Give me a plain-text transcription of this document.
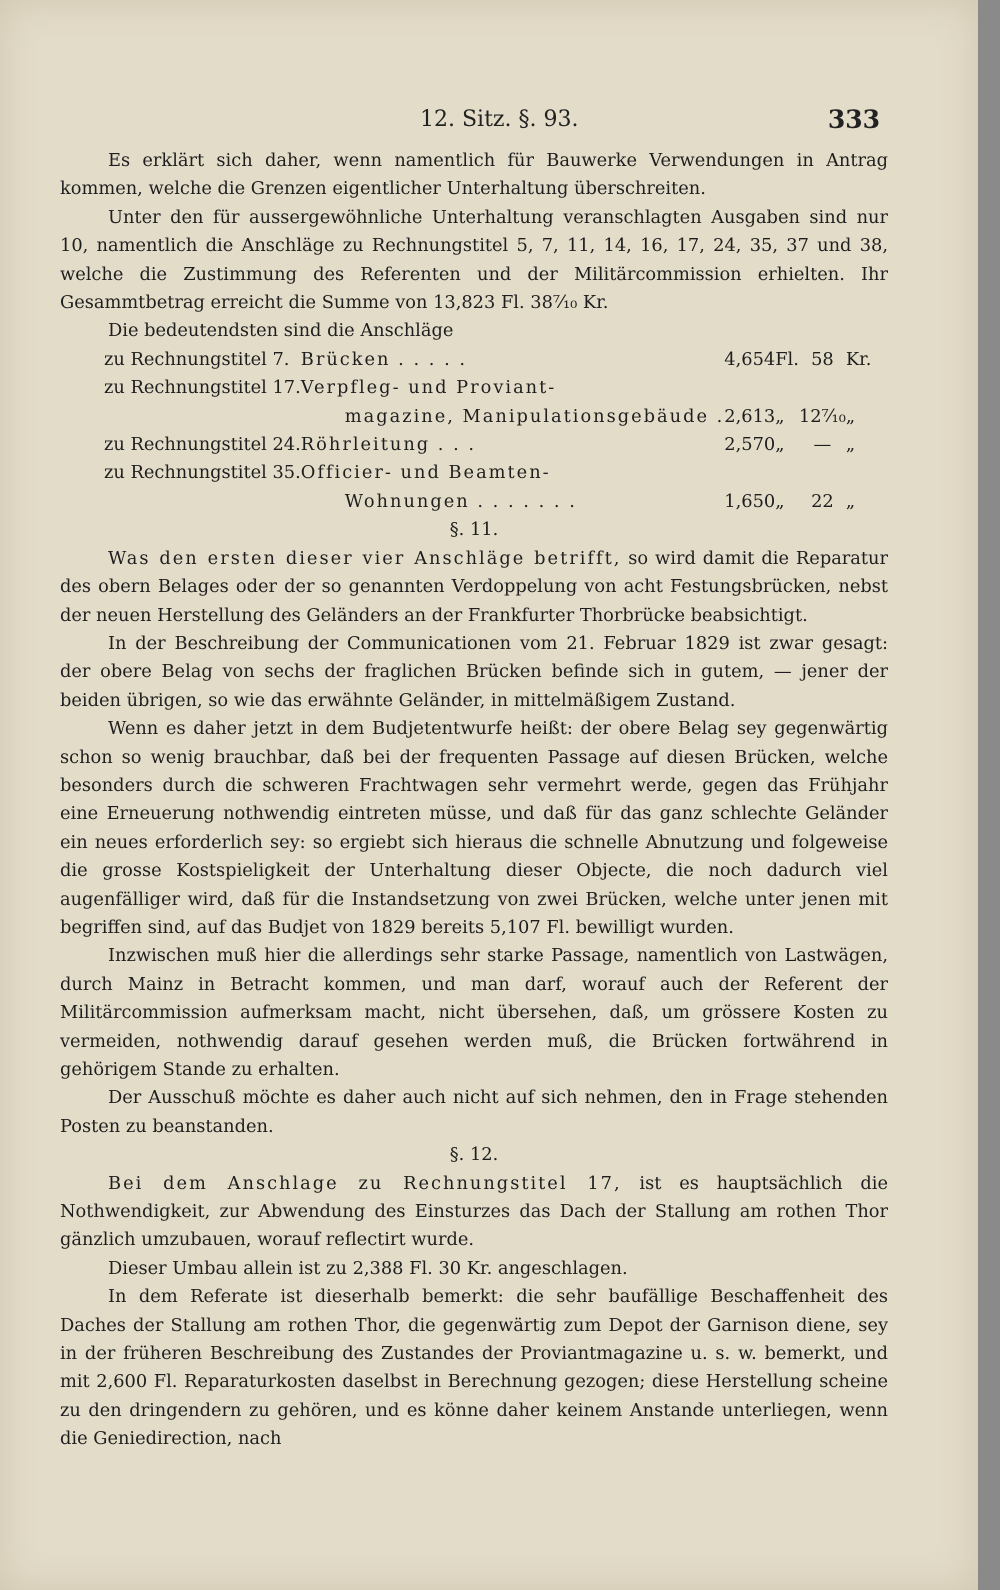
12. Sitz. §. 93.	333

Es erklärt sich daher, wenn namentlich für Bauwerke Verwendungen in Antrag kommen, welche die Grenzen eigentlicher Unterhaltung überschreiten.

Unter den für aussergewöhnliche Unterhaltung veranschlagten Ausgaben sind nur 10, namentlich die Anschläge zu Rechnungstitel 5, 7, 11, 14, 16, 17, 24, 35, 37 und 38, welche die Zustimmung des Referenten und der Militärcommission erhielten. Ihr Gesammtbetrag erreicht die Summe von 13,823 Fl. 38⁷⁄₁₀ Kr.

Die bedeutendsten sind die Anschläge

zu Rechnungstitel 7.	Brücken . . . . .	4,654	Fl.	58	Kr.
zu Rechnungstitel 17.	Verpfleg- und Proviant-				
	magazine, Manipulationsgebäude .	2,613	„	12⁷⁄₁₀	„
zu Rechnungstitel 24.	Röhrleitung . . .	2,570	„	—	„
zu Rechnungstitel 35.	Officier- und Beamten-				
	Wohnungen . . . . . . .	1,650	„	22	„

§. 11.

Was den ersten dieser vier Anschläge betrifft, so wird damit die Reparatur des obern Belages oder der so genannten Verdoppelung von acht Festungsbrücken, nebst der neuen Herstellung des Geländers an der Frankfurter Thorbrücke beabsichtigt.

In der Beschreibung der Communicationen vom 21. Februar 1829 ist zwar gesagt: der obere Belag von sechs der fraglichen Brücken befinde sich in gutem, — jener der beiden übrigen, so wie das erwähnte Geländer, in mittelmäßigem Zustand.

Wenn es daher jetzt in dem Budjetentwurfe heißt: der obere Belag sey gegenwärtig schon so wenig brauchbar, daß bei der frequenten Passage auf diesen Brücken, welche besonders durch die schweren Frachtwagen sehr vermehrt werde, gegen das Frühjahr eine Erneuerung nothwendig eintreten müsse, und daß für das ganz schlechte Geländer ein neues erforderlich sey: so ergiebt sich hieraus die schnelle Abnutzung und folgeweise die grosse Kostspieligkeit der Unterhaltung dieser Objecte, die noch dadurch viel augenfälliger wird, daß für die Instandsetzung von zwei Brücken, welche unter jenen mit begriffen sind, auf das Budjet von 1829 bereits 5,107 Fl. bewilligt wurden.

Inzwischen muß hier die allerdings sehr starke Passage, namentlich von Lastwägen, durch Mainz in Betracht kommen, und man darf, worauf auch der Referent der Militärcommission aufmerksam macht, nicht übersehen, daß, um grössere Kosten zu vermeiden, nothwendig darauf gesehen werden muß, die Brücken fortwährend in gehörigem Stande zu erhalten.

Der Ausschuß möchte es daher auch nicht auf sich nehmen, den in Frage stehenden Posten zu beanstanden.

§. 12.

Bei dem Anschlage zu Rechnungstitel 17, ist es hauptsächlich die Nothwendigkeit, zur Abwendung des Einsturzes das Dach der Stallung am rothen Thor gänzlich umzubauen, worauf reflectirt wurde.

Dieser Umbau allein ist zu 2,388 Fl. 30 Kr. angeschlagen.

In dem Referate ist dieserhalb bemerkt: die sehr baufällige Beschaffenheit des Daches der Stallung am rothen Thor, die gegenwärtig zum Depot der Garnison diene, sey in der früheren Beschreibung des Zustandes der Proviantmagazine u. s. w. bemerkt, und mit 2,600 Fl. Reparaturkosten daselbst in Berechnung gezogen; diese Herstellung scheine zu den dringendern zu gehören, und es könne daher keinem Anstande unterliegen, wenn die Geniedirection, nach
